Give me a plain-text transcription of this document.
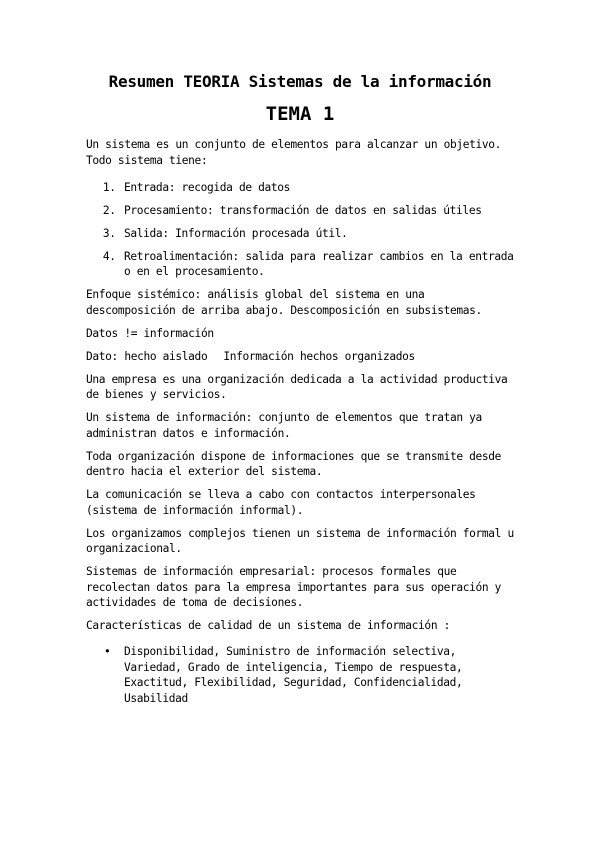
Resumen TEORIA Sistemas de la información
TEMA 1

Un sistema es un conjunto de elementos para alcanzar un objetivo. Todo sistema tiene:

1. Entrada: recogida de datos
2. Procesamiento: transformación de datos en salidas útiles
3. Salida: Información procesada útil.
4. Retroalimentación: salida para realizar cambios en la entrada o en el procesamiento.

Enfoque sistémico: análisis global del sistema en una descomposición de arriba abajo. Descomposición en subsistemas.

Datos != información

Dato: hecho aislado Información hechos organizados

Una empresa es una organización dedicada a la actividad productiva de bienes y servicios.

Un sistema de información: conjunto de elementos que tratan ya administran datos e información.

Toda organización dispone de informaciones que se transmite desde dentro hacia el exterior del sistema.

La comunicación se lleva a cabo con contactos interpersonales (sistema de información informal).

Los organizamos complejos tienen un sistema de información formal u organizacional.

Sistemas de información empresarial: procesos formales que recolectan datos para la empresa importantes para sus operación y actividades de toma de decisiones.

Características de calidad de un sistema de información :

• Disponibilidad, Suministro de información selectiva, Variedad, Grado de inteligencia, Tiempo de respuesta, Exactitud, Flexibilidad, Seguridad, Confidencialidad, Usabilidad
